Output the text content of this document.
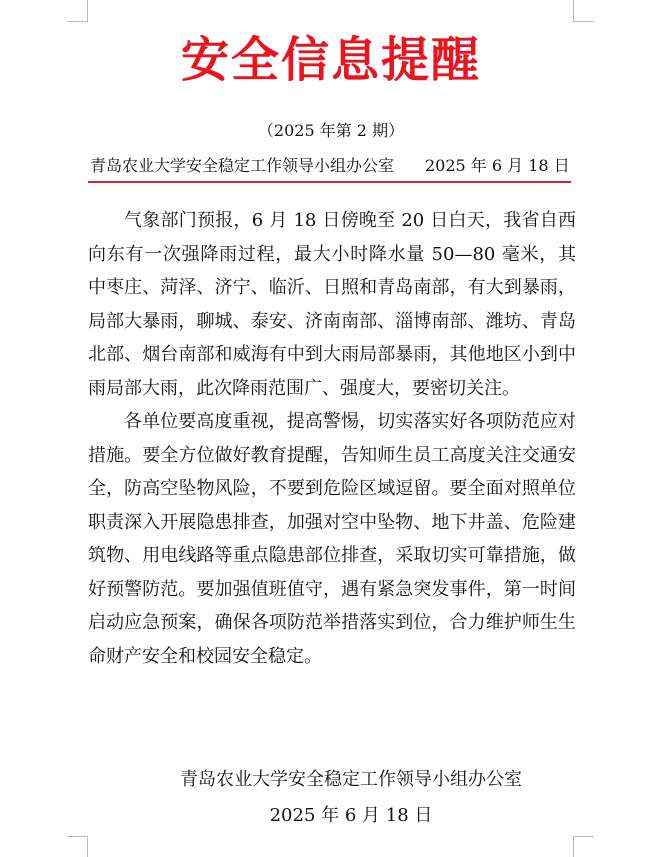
安全信息提醒
（2025 年第 2 期）
青岛农业大学安全稳定工作领导小组办公室 2025 年 6 月 18 日

气象部门预报，6 月 18 日傍晚至 20 日白天，我省自西向东有一次强降雨过程，最大小时降水量 50—80 毫米，其中枣庄、菏泽、济宁、临沂、日照和青岛南部，有大到暴雨，局部大暴雨，聊城、泰安、济南南部、淄博南部、潍坊、青岛北部、烟台南部和威海有中到大雨局部暴雨，其他地区小到中雨局部大雨，此次降雨范围广、强度大，要密切关注。

各单位要高度重视，提高警惕，切实落实好各项防范应对措施。要全方位做好教育提醒，告知师生员工高度关注交通安全，防高空坠物风险，不要到危险区域逗留。要全面对照单位职责深入开展隐患排查，加强对空中坠物、地下井盖、危险建筑物、用电线路等重点隐患部位排查，采取切实可靠措施，做好预警防范。要加强值班值守，遇有紧急突发事件，第一时间启动应急预案，确保各项防范举措落实到位，合力维护师生生命财产安全和校园安全稳定。

青岛农业大学安全稳定工作领导小组办公室
2025 年 6 月 18 日
